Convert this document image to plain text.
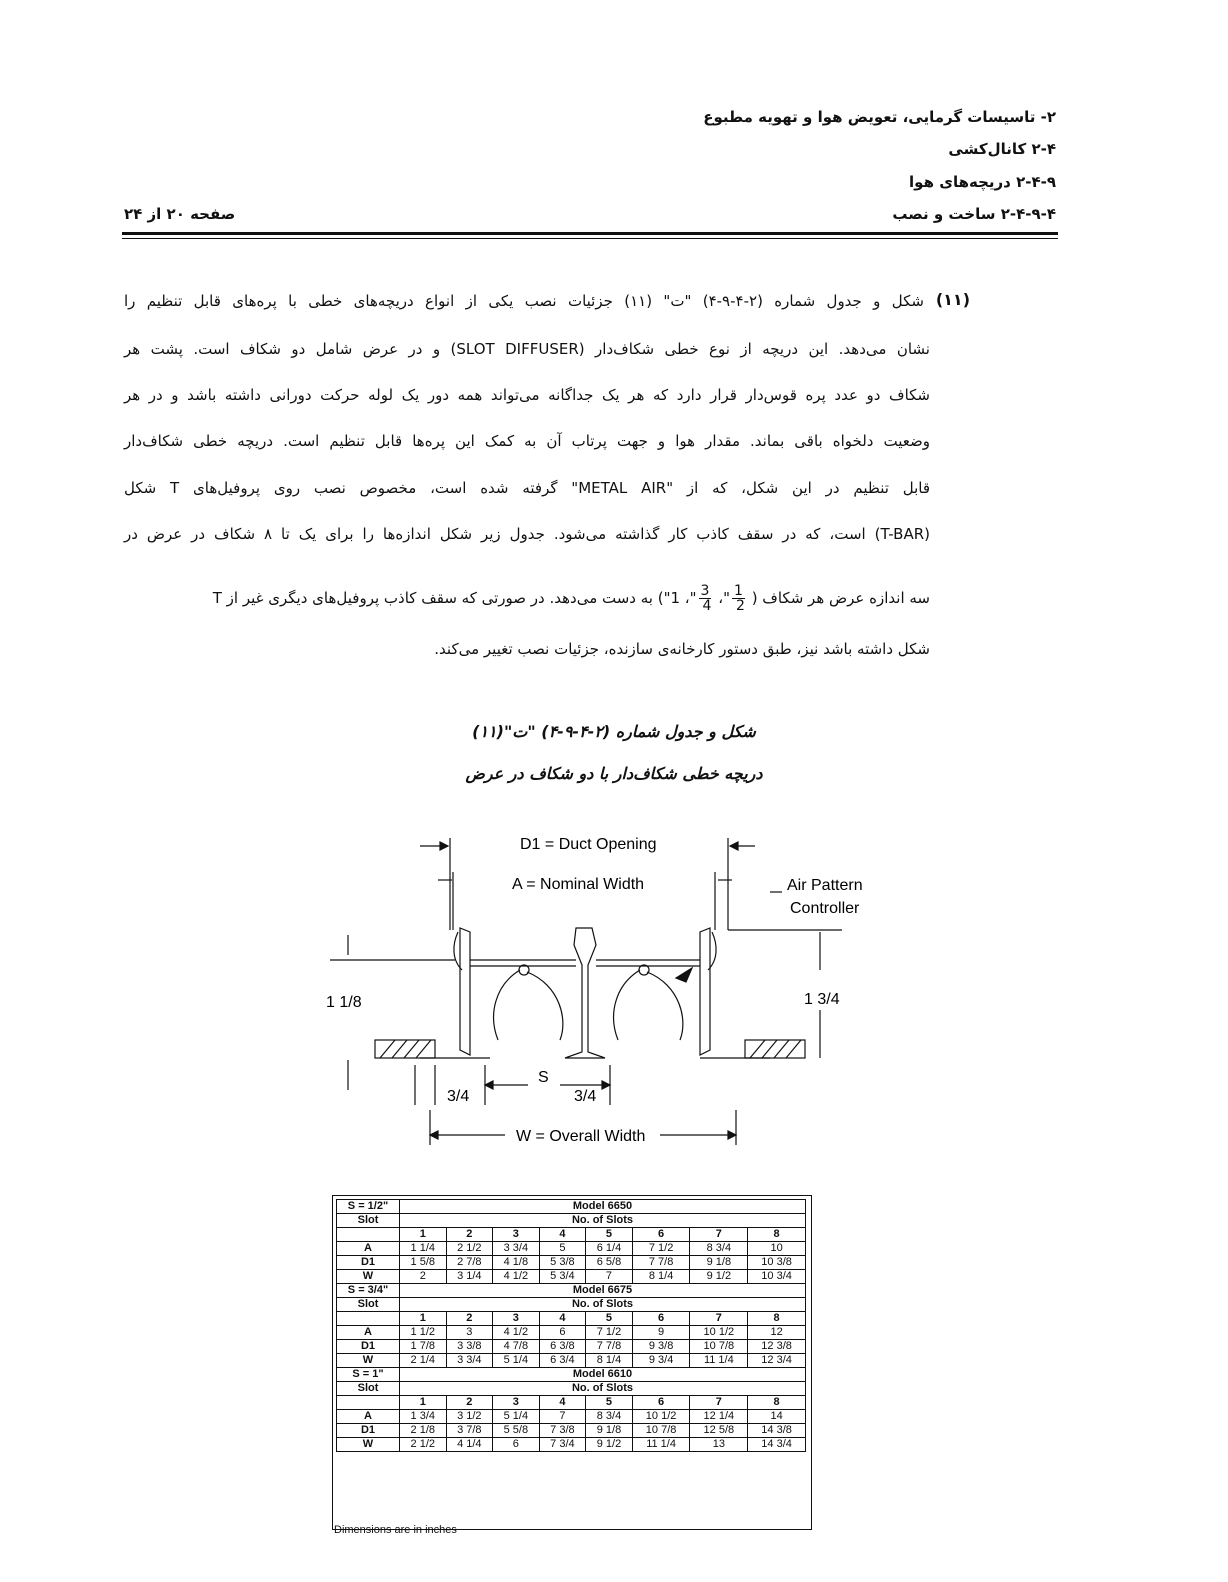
۲- تاسیسات گرمایی، تعویض هوا و تهویه مطبوع
۲-۴ کانال‌کشی
۲-۴-۹ دریچه‌های هوا
۲-۴-۹-۴ ساخت و نصب
صفحه ۲۰ از ۲۴
(۱۱)
شکل و جدول شماره (۲-۴-۹-۴) "ت" (۱۱) جزئیات نصب یکی از انواع دریچه‌های خطی با پره‌های قابل تنظیم را
نشان می‌دهد. این دریچه از نوع خطی شکاف‌دار (SLOT DIFFUSER) و در عرض شامل دو شکاف است. پشت هر
شکاف دو عدد پره قوس‌دار قرار دارد که هر یک جداگانه می‌تواند همه دور یک لوله حرکت دورانی داشته باشد و در هر
وضعیت دلخواه باقی بماند. مقدار هوا و جهت پرتاب آن به کمک این پره‌ها قابل تنظیم است. دریچه خطی شکاف‌دار
قابل تنظیم در این شکل، که از "METAL AIR" گرفته شده است، مخصوص نصب روی پروفیل‌های T شکل
(T-BAR) است، که در سقف کاذب کار گذاشته می‌شود. جدول زیر شکل اندازه‌ها را برای یک تا ۸ شکاف در عرض در
سه اندازه عرض هر شکاف (
$\frac{1}{2}$
"،
$\frac{3}{4}$
"، 1") به دست می‌دهد. در صورتی که سقف کاذب پروفیل‌های دیگری غیر از T
شکل داشته باشد نیز، طبق دستور کارخانه‌ی سازنده، جزئیات نصب تغییر می‌کند.
شکل و جدول شماره (۲-۴-۹-۴) "ت"(۱۱)
دریچه خطی شکاف‌دار با دو شکاف در عرض
D1 = Duct Opening
A = Nominal Width	Air Pattern
Controller
1 1/8	1 3/4
S
3/4	3/4
W = Overall Width
S = 1/2"	Model 6650							
Slot	No. of Slots							
	1	2	3	4	5	6	7	8
A	1 1/4	2 1/2	3 3/4	5	6 1/4	7 1/2	8 3/4	10
D1	1 5/8	2 7/8	4 1/8	5 3/8	6 5/8	7 7/8	9 1/8	10 3/8
W	2	3 1/4	4 1/2	5 3/4	7	8 1/4	9 1/2	10 3/4
S = 3/4"	Model 6675							
Slot	No. of Slots							
	1	2	3	4	5	6	7	8
A	1 1/2	3	4 1/2	6	7 1/2	9	10 1/2	12
D1	1 7/8	3 3/8	4 7/8	6 3/8	7 7/8	9 3/8	10 7/8	12 3/8
W	2 1/4	3 3/4	5 1/4	6 3/4	8 1/4	9 3/4	11 1/4	12 3/4
S = 1"	Model 6610							
Slot	No. of Slots							
	1	2	3	4	5	6	7	8
A	1 3/4	3 1/2	5 1/4	7	8 3/4	10 1/2	12 1/4	14
D1	2 1/8	3 7/8	5 5/8	7 3/8	9 1/8	10 7/8	12 5/8	14 3/8
W	2 1/2	4 1/4	6	7 3/4	9 1/2	11 1/4	13	14 3/4
Dimensions are in inches
